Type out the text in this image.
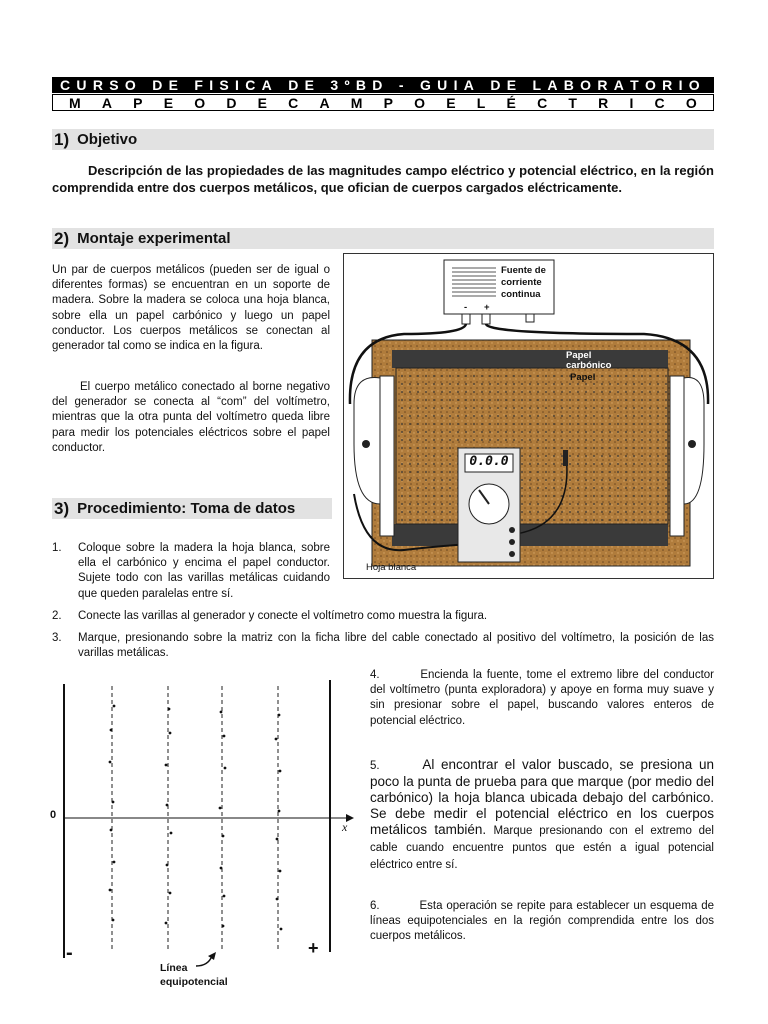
C U R S O
D E
F I S I C A
D E
3 º B D
-
G U I A
D E
L A B O R A T O R I O
M	A	P	E	O	D	E	C	A	M	P	O	E	L	É	C	T	R	I	C	O
1) Objetivo
Descripción de las propiedades de las magnitudes campo eléctrico y potencial eléctrico, en la región comprendida entre dos cuerpos metálicos, que ofician de cuerpos cargados eléctricamente.
2) Montaje experimental
Un par de cuerpos metálicos (pueden ser de igual o diferentes formas) se encuentran en un soporte de madera. Sobre la madera se coloca una hoja blanca, sobre ella un papel carbónico y luego un papel conductor. Los cuerpos metálicos se conectan al generador tal como se indica en la figura.
El cuerpo metálico conectado al borne negativo del generador se conecta al “com” del voltímetro, mientras que la otra punta del voltímetro queda libre para medir los potenciales eléctricos sobre el papel conductor.
Fuente de corriente continua
- +
Papel carbónico
Papel
0.0.0
Hoja blanca
3) Procedimiento: Toma de datos
1.	Coloque sobre la madera la hoja blanca, sobre ella el carbónico y encima el papel conductor. Sujete todo con las varillas metálicas cuidando que queden paralelas entre sí.
2.	Conecte las varillas al generador y conecte el voltímetro como muestra la figura.
3.	Marque, presionando sobre la matriz con la ficha libre del cable conectado al positivo del voltímetro, la posición de las varillas metálicas.
4.	Encienda la fuente, tome el extremo libre del conductor del voltímetro (punta exploradora) y apoye en forma muy suave y sin presionar sobre el papel, buscando valores enteros de potencial eléctrico.
5.	Al encontrar el valor buscado, se presiona un poco la punta de prueba para que marque (por medio del carbónico) la hoja blanca ubicada debajo del carbónico. Se debe medir el potencial eléctrico en los cuerpos metálicos también. Marque presionando con el extremo del cable cuando encuentre puntos que estén a igual potencial eléctrico entre sí.
6.	Esta operación se repite para establecer un esquema de líneas equipotenciales en la región comprendida entre los dos cuerpos metálicos.
0
x
-	+
Línea equipotencial
